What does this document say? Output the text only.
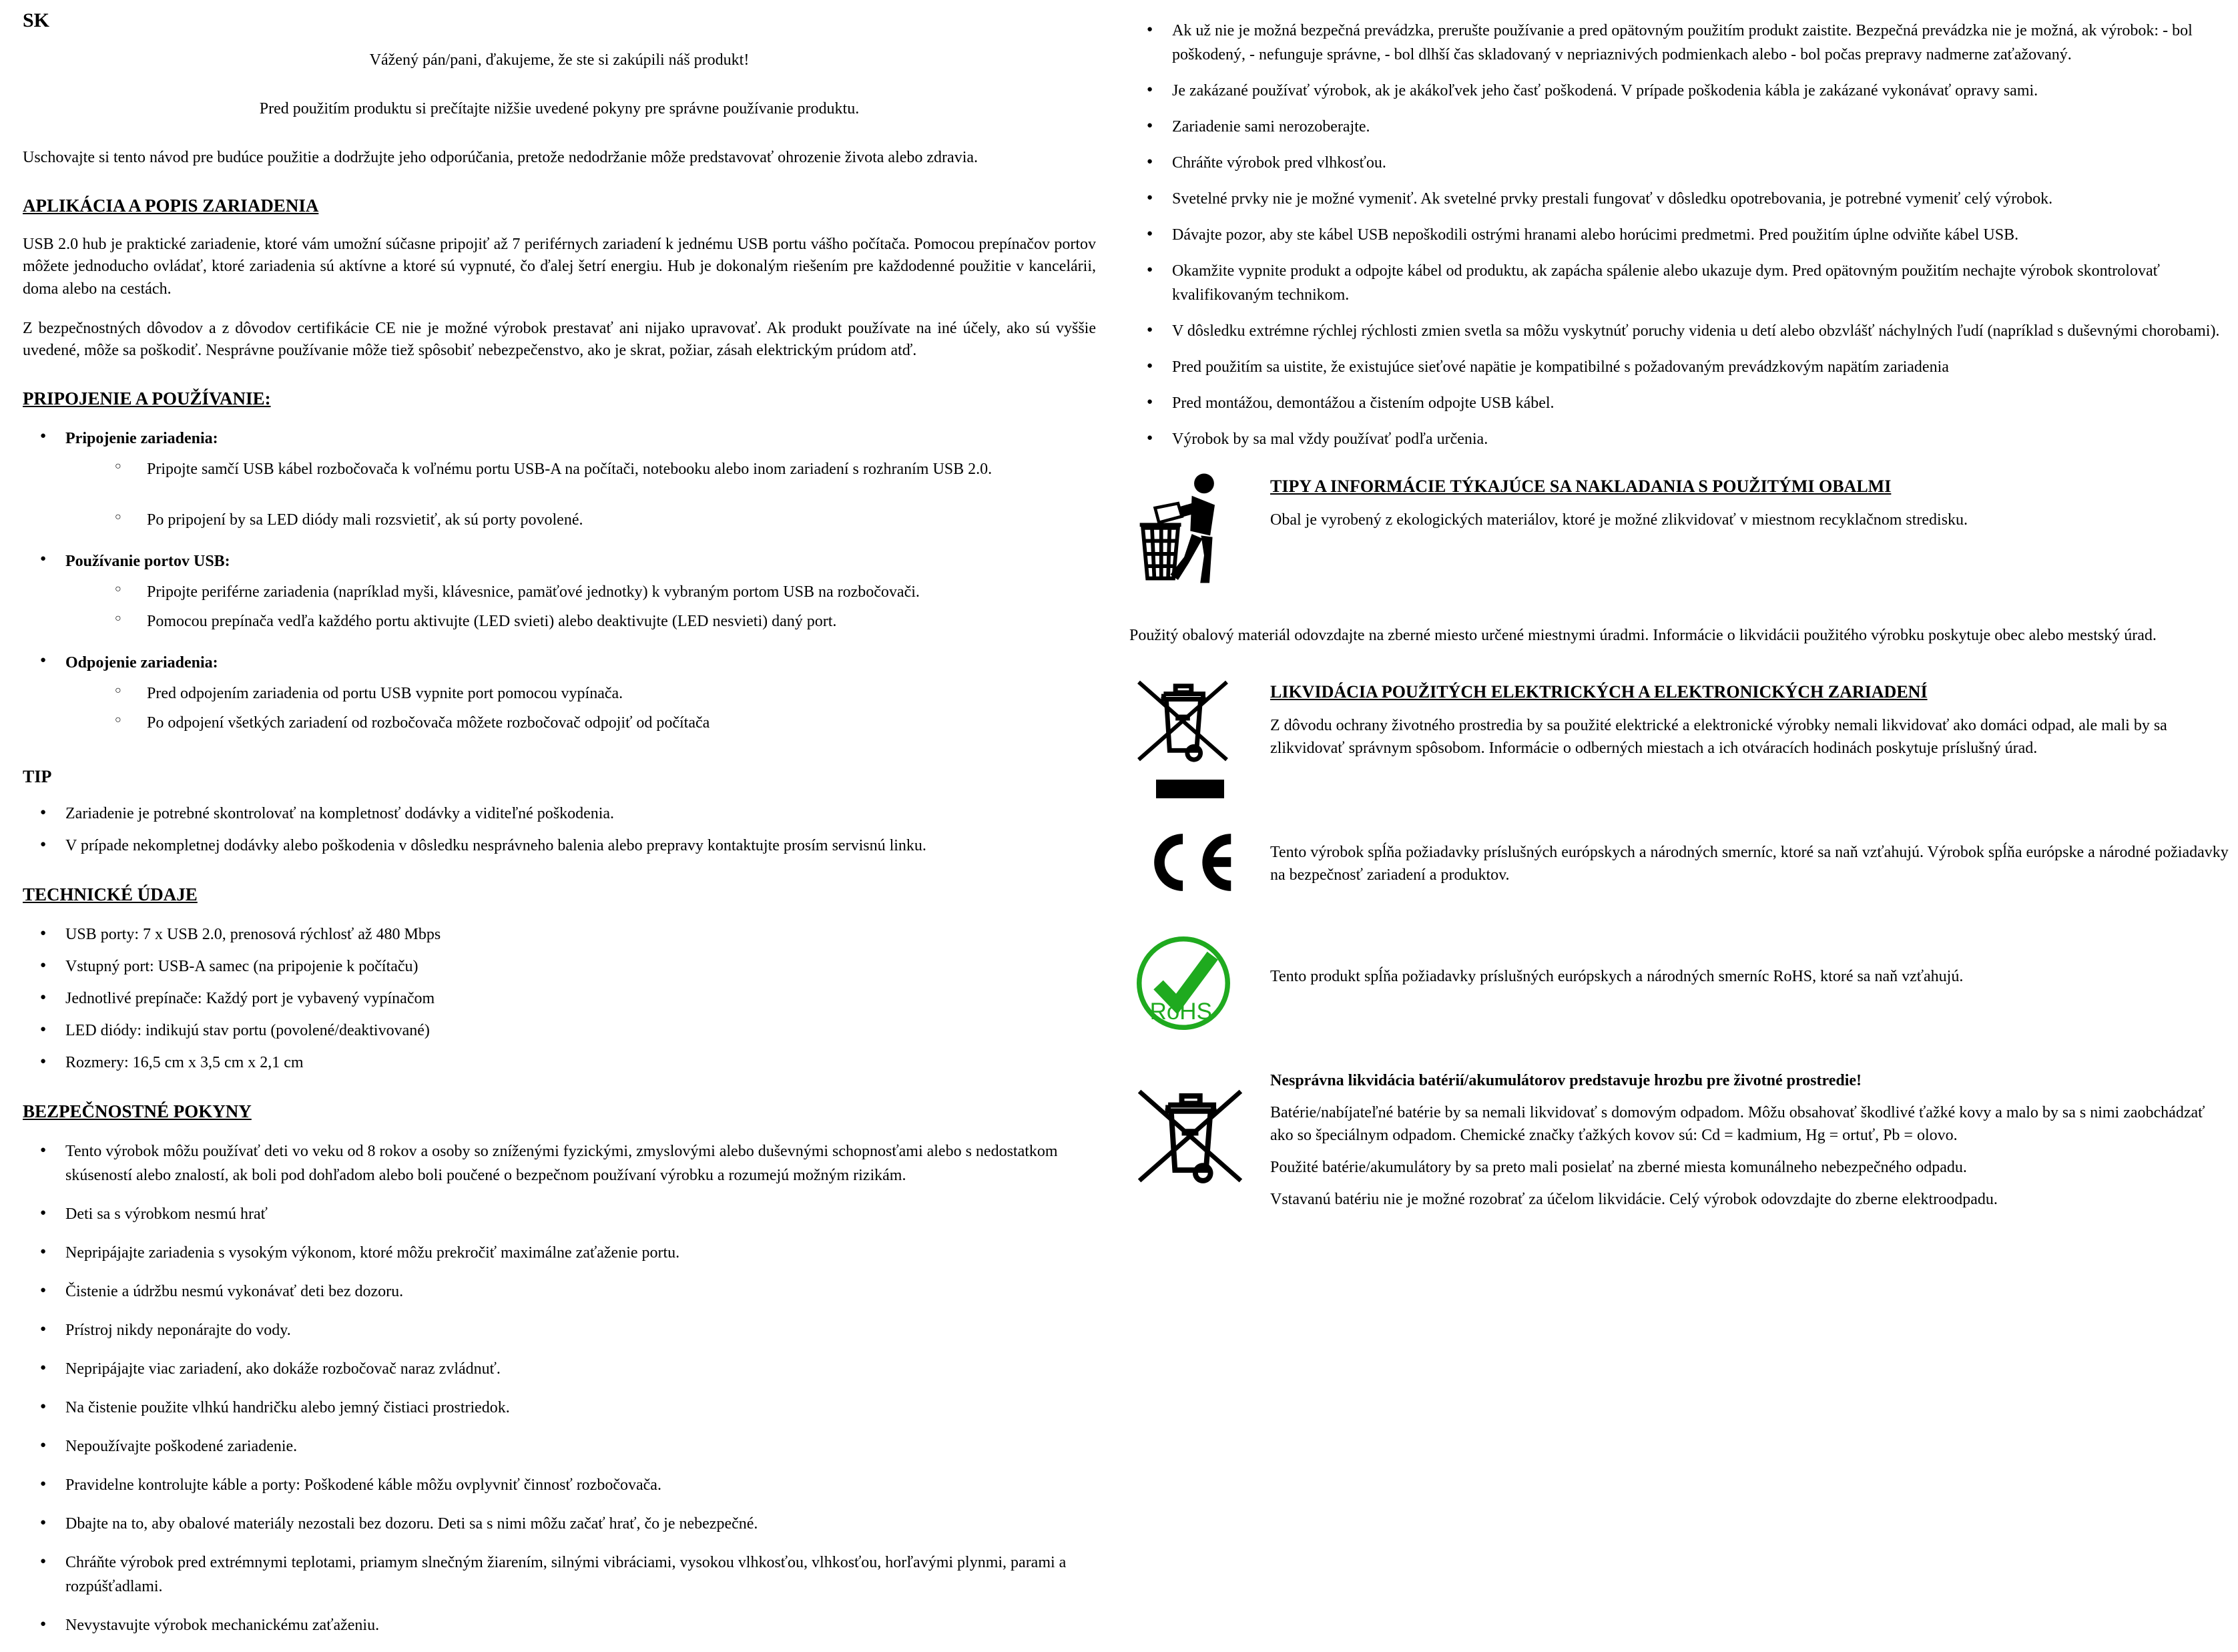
SK

Vážený pán/pani, ďakujeme, že ste si zakúpili náš produkt!

Pred použitím produktu si prečítajte nižšie uvedené pokyny pre správne používanie produktu.

Uschovajte si tento návod pre budúce použitie a dodržujte jeho odporúčania, pretože nedodržanie môže predstavovať ohrozenie života alebo zdravia.

APLIKÁCIA A POPIS ZARIADENIA

USB 2.0 hub je praktické zariadenie, ktoré vám umožní súčasne pripojiť až 7 periférnych zariadení k jednému USB portu vášho počítača. Pomocou prepínačov portov môžete jednoducho ovládať, ktoré zariadenia sú aktívne a ktoré sú vypnuté, čo ďalej šetrí energiu. Hub je dokonalým riešením pre každodenné použitie v kancelárii, doma alebo na cestách.

Z bezpečnostných dôvodov a z dôvodov certifikácie CE nie je možné výrobok prestavať ani nijako upravovať. Ak produkt používate na iné účely, ako sú vyššie uvedené, môže sa poškodiť. Nesprávne používanie môže tiež spôsobiť nebezpečenstvo, ako je skrat, požiar, zásah elektrickým prúdom atď.

PRIPOJENIE A POUŽÍVANIE:
● Pripojenie zariadenia:
○ Pripojte samčí USB kábel rozbočovača k voľnému portu USB-A na počítači, notebooku alebo inom zariadení s rozhraním USB 2.0.
○ Po pripojení by sa LED diódy mali rozsvietiť, ak sú porty povolené.
● Používanie portov USB:
○ Pripojte periférne zariadenia (napríklad myši, klávesnice, pamäťové jednotky) k vybraným portom USB na rozbočovači.
○ Pomocou prepínača vedľa každého portu aktivujte (LED svieti) alebo deaktivujte (LED nesvieti) daný port.
● Odpojenie zariadenia:
○ Pred odpojením zariadenia od portu USB vypnite port pomocou vypínača.
○ Po odpojení všetkých zariadení od rozbočovača môžete rozbočovač odpojiť od počítača
TIP
● Zariadenie je potrebné skontrolovať na kompletnosť dodávky a viditeľné poškodenia.
● V prípade nekompletnej dodávky alebo poškodenia v dôsledku nesprávneho balenia alebo prepravy kontaktujte prosím servisnú linku.
TECHNICKÉ ÚDAJE
● USB porty: 7 x USB 2.0, prenosová rýchlosť až 480 Mbps
● Vstupný port: USB-A samec (na pripojenie k počítaču)
● Jednotlivé prepínače: Každý port je vybavený vypínačom
● LED diódy: indikujú stav portu (povolené/deaktivované)
● Rozmery: 16,5 cm x 3,5 cm x 2,1 cm
BEZPEČNOSTNÉ POKYNY
● Tento výrobok môžu používať deti vo veku od 8 rokov a osoby so zníženými fyzickými, zmyslovými alebo duševnými schopnosťami alebo s nedostatkom skúseností alebo znalostí, ak boli pod dohľadom alebo boli poučené o bezpečnom používaní výrobku a rozumejú možným rizikám.
● Deti sa s výrobkom nesmú hrať
● Nepripájajte zariadenia s vysokým výkonom, ktoré môžu prekročiť maximálne zaťaženie portu.
● Čistenie a údržbu nesmú vykonávať deti bez dozoru.
● Prístroj nikdy neponárajte do vody.
● Nepripájajte viac zariadení, ako dokáže rozbočovač naraz zvládnuť.
● Na čistenie použite vlhkú handričku alebo jemný čistiaci prostriedok.
● Nepoužívajte poškodené zariadenie.
● Pravidelne kontrolujte káble a porty: Poškodené káble môžu ovplyvniť činnosť rozbočovača.
● Dbajte na to, aby obalové materiály nezostali bez dozoru. Deti sa s nimi môžu začať hrať, čo je nebezpečné.
● Chráňte výrobok pred extrémnymi teplotami, priamym slnečným žiarením, silnými vibráciami, vysokou vlhkosťou, vlhkosťou, horľavými plynmi, parami a rozpúšťadlami.
● Nevystavujte výrobok mechanickému zaťaženiu.
● Ak už nie je možná bezpečná prevádzka, prerušte používanie a pred opätovným použitím produkt zaistite. Bezpečná prevádzka nie je možná, ak výrobok: - bol poškodený, - nefunguje správne, - bol dlhší čas skladovaný v nepriaznivých podmienkach alebo - bol počas prepravy nadmerne zaťažovaný.
● Je zakázané používať výrobok, ak je akákoľvek jeho časť poškodená. V prípade poškodenia kábla je zakázané vykonávať opravy sami.
● Zariadenie sami nerozoberajte.
● Chráňte výrobok pred vlhkosťou.
● Svetelné prvky nie je možné vymeniť. Ak svetelné prvky prestali fungovať v dôsledku opotrebovania, je potrebné vymeniť celý výrobok.
● Dávajte pozor, aby ste kábel USB nepoškodili ostrými hranami alebo horúcimi predmetmi. Pred použitím úplne odviňte kábel USB.
● Okamžite vypnite produkt a odpojte kábel od produktu, ak zapácha spálenie alebo ukazuje dym. Pred opätovným použitím nechajte výrobok skontrolovať kvalifikovaným technikom.
● V dôsledku extrémne rýchlej rýchlosti zmien svetla sa môžu vyskytnúť poruchy videnia u detí alebo obzvlášť náchylných ľudí (napríklad s duševnými chorobami).
● Pred použitím sa uistite, že existujúce sieťové napätie je kompatibilné s požadovaným prevádzkovým napätím zariadenia
● Pred montážou, demontážou a čistením odpojte USB kábel.
● Výrobok by sa mal vždy používať podľa určenia.
TIPY A INFORMÁCIE TÝKAJÚCE SA NAKLADANIA S POUŽITÝMI OBALMI

Obal je vyrobený z ekologických materiálov, ktoré je možné zlikvidovať v miestnom recyklačnom stredisku.

Použitý obalový materiál odovzdajte na zberné miesto určené miestnymi úradmi. Informácie o likvidácii použitého výrobku poskytuje obec alebo mestský úrad.

LIKVIDÁCIA POUŽITÝCH ELEKTRICKÝCH A ELEKTRONICKÝCH ZARIADENÍ

Z dôvodu ochrany životného prostredia by sa použité elektrické a elektronické výrobky nemali likvidovať ako domáci odpad, ale mali by sa zlikvidovať správnym spôsobom. Informácie o odberných miestach a ich otváracích hodinách poskytuje príslušný úrad.

Tento výrobok spĺňa požiadavky príslušných európskych a národných smerníc, ktoré sa naň vzťahujú. Výrobok spĺňa európske a národné požiadavky na bezpečnosť zariadení a produktov.

RoHS

Tento produkt spĺňa požiadavky príslušných európskych a národných smerníc RoHS, ktoré sa naň vzťahujú.

Nesprávna likvidácia batérií/akumulátorov predstavuje hrozbu pre životné prostredie!

Batérie/nabíjateľné batérie by sa nemali likvidovať s domovým odpadom. Môžu obsahovať škodlivé ťažké kovy a malo by sa s nimi zaobchádzať ako so špeciálnym odpadom. Chemické značky ťažkých kovov sú: Cd = kadmium, Hg = ortuť, Pb = olovo.

Použité batérie/akumulátory by sa preto mali posielať na zberné miesta komunálneho nebezpečného odpadu.

Vstavanú batériu nie je možné rozobrať za účelom likvidácie. Celý výrobok odovzdajte do zberne elektroodpadu.
